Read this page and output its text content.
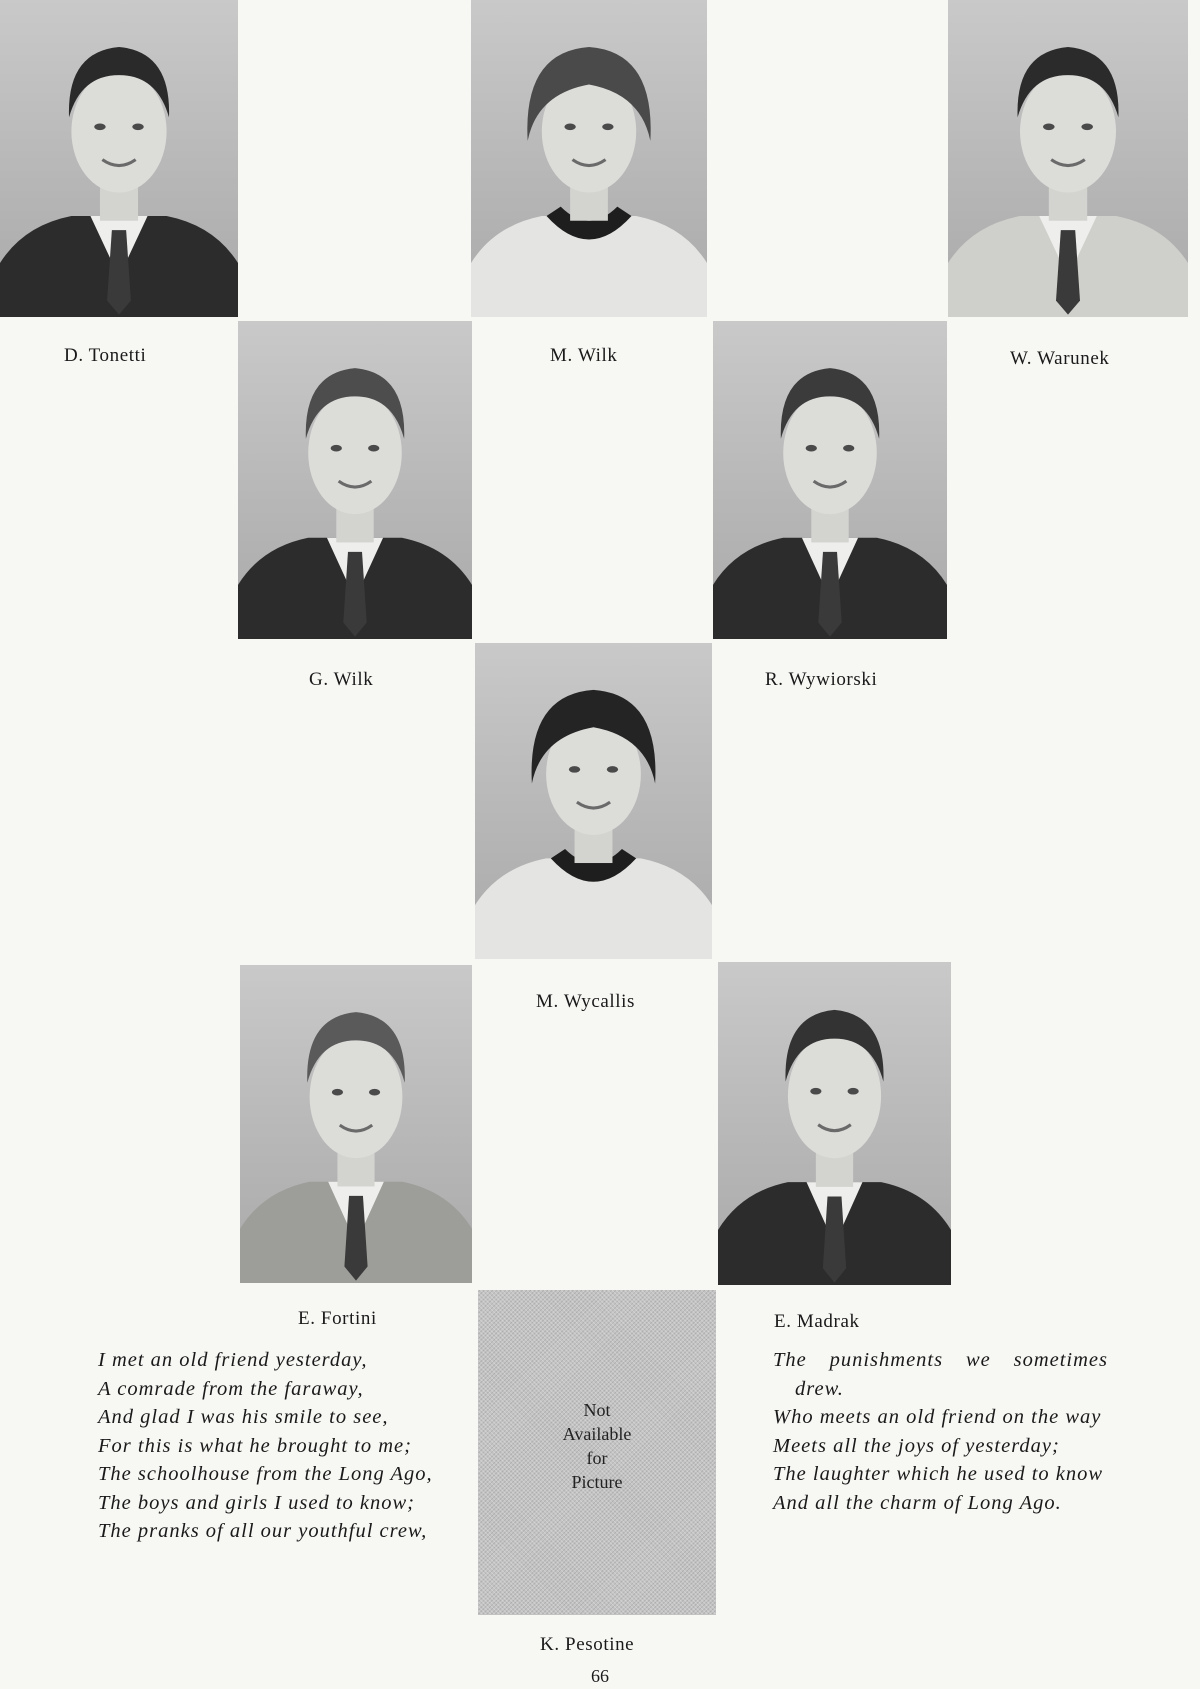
D. Tonetti	M. Wilk	W. Warunek
G. Wilk	R. Wywiorski
M. Wycallis
E. Fortini	E. Madrak
Not
Available
for
Picture
K. Pesotine
I met an old friend yesterday,
A comrade from the faraway,
And glad I was his smile to see,
For this is what he brought to me;
The schoolhouse from the Long Ago,
The boys and girls I used to know;
The pranks of all our youthful crew,
The punishments we sometimes drew.
Who meets an old friend on the way
Meets all the joys of yesterday;
The laughter which he used to know
And all the charm of Long Ago.
66
